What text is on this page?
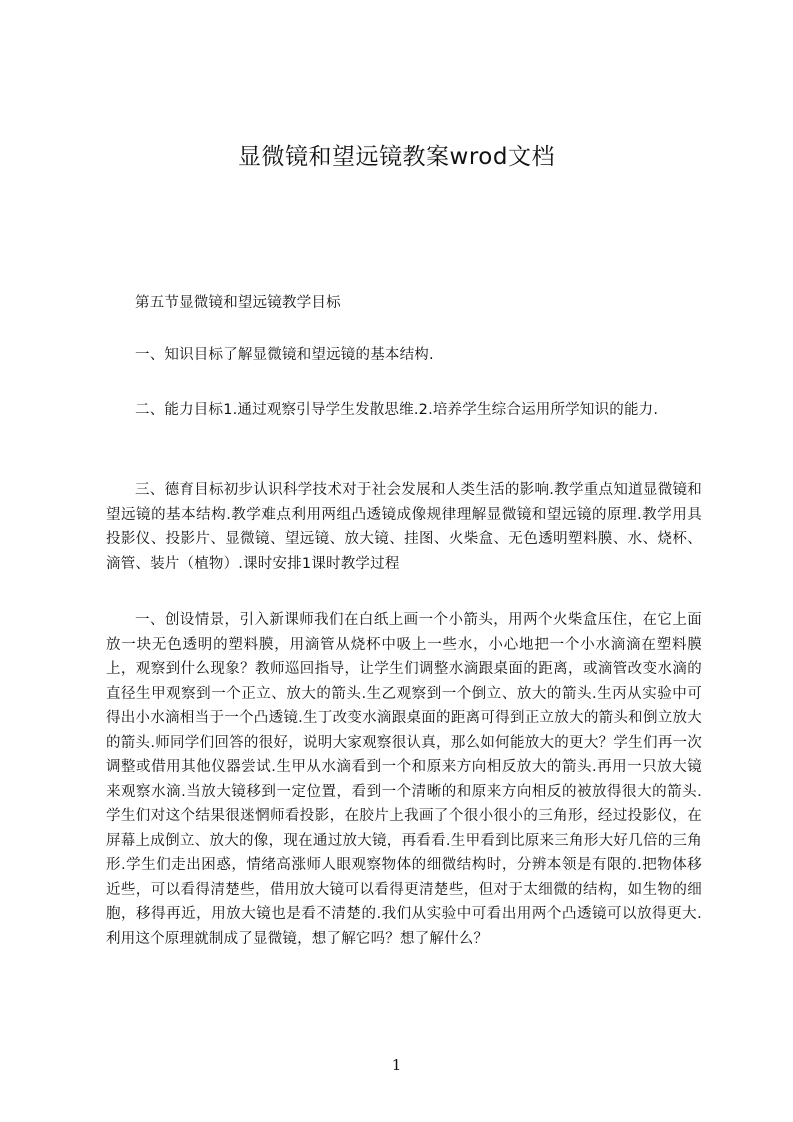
显微镜和望远镜教案wrod文档

第五节显微镜和望远镜教学目标

一、知识目标了解显微镜和望远镜的基本结构.

二、能力目标1.通过观察引导学生发散思维.2.培养学生综合运用所学知识的能力.

三、德育目标初步认识科学技术对于社会发展和人类生活的影响.教学重点知道显微镜和望远镜的基本结构.教学难点利用两组凸透镜成像规律理解显微镜和望远镜的原理.教学用具投影仪、投影片、显微镜、望远镜、放大镜、挂图、火柴盒、无色透明塑料膜、水、烧杯、滴管、装片（植物）.课时安排1课时教学过程

一、创设情景，引入新课师我们在白纸上画一个小箭头，用两个火柴盒压住，在它上面放一块无色透明的塑料膜，用滴管从烧杯中吸上一些水，小心地把一个小水滴滴在塑料膜上，观察到什么现象？教师巡回指导，让学生们调整水滴跟桌面的距离，或滴管改变水滴的直径生甲观察到一个正立、放大的箭头.生乙观察到一个倒立、放大的箭头.生丙从实验中可得出小水滴相当于一个凸透镜.生丁改变水滴跟桌面的距离可得到正立放大的箭头和倒立放大的箭头.师同学们回答的很好，说明大家观察很认真，那么如何能放大的更大？学生们再一次调整或借用其他仪器尝试.生甲从水滴看到一个和原来方向相反放大的箭头.再用一只放大镜来观察水滴.当放大镜移到一定位置，看到一个清晰的和原来方向相反的被放得很大的箭头.学生们对这个结果很迷惘师看投影，在胶片上我画了个很小很小的三角形，经过投影仪，在屏幕上成倒立、放大的像，现在通过放大镜，再看看.生甲看到比原来三角形大好几倍的三角形.学生们走出困惑，情绪高涨师人眼观察物体的细微结构时，分辨本领是有限的.把物体移近些，可以看得清楚些，借用放大镜可以看得更清楚些，但对于太细微的结构，如生物的细胞，移得再近，用放大镜也是看不清楚的.我们从实验中可看出用两个凸透镜可以放得更大.利用这个原理就制成了显微镜，想了解它吗？想了解什么？

1
